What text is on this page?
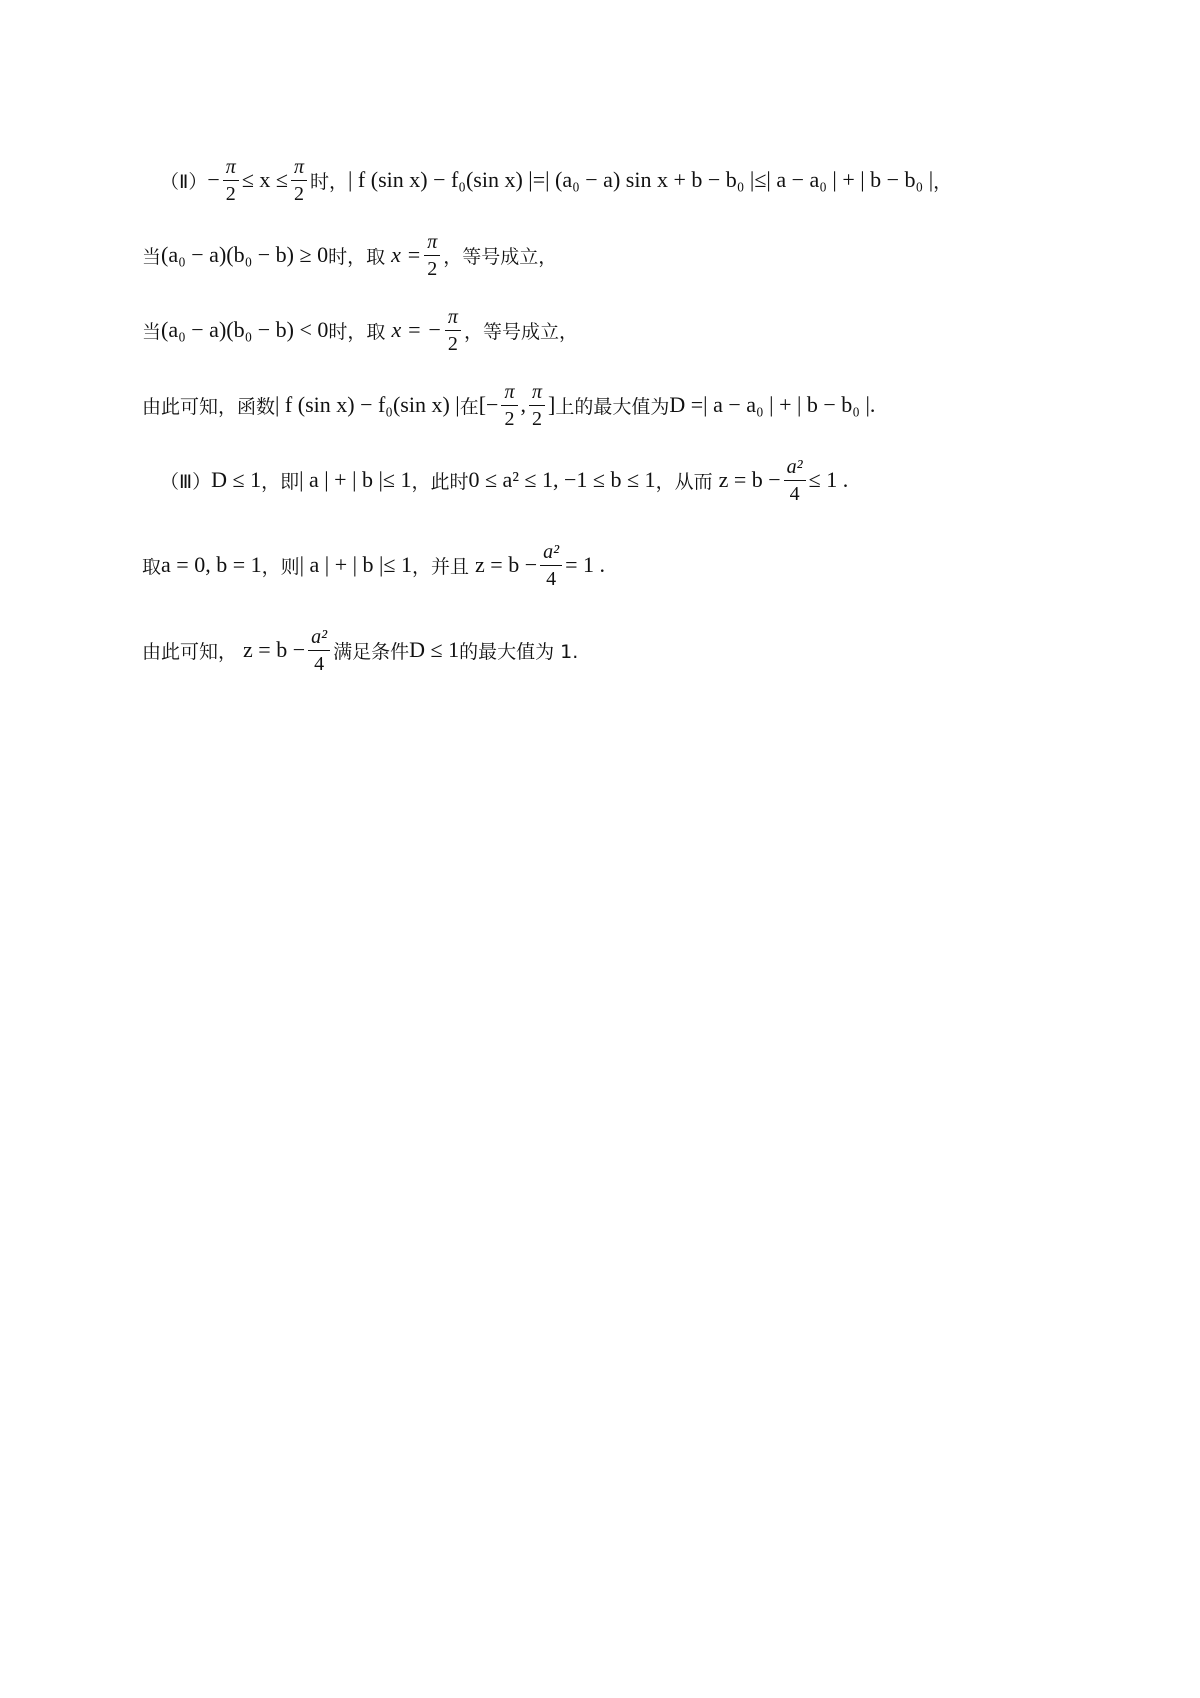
（Ⅱ） − $\frac{\pi}{2} \le x \le \frac{\pi}{2}$ 时， | f (sin x) − f₀(sin x) |=| (a₀ − a) sin x + b − b₀ |≤| a − a₀ | + | b − b₀ | ，
当 (a₀ − a)(b₀ − b) ≥ 0 时，取 $x = \frac{\pi}{2}$ ，等号成立，
当 (a₀ − a)(b₀ − b) < 0 时，取 x = − $\frac{\pi}{2}$ ，等号成立，
由此可知，函数 | f (sin x) − f₀(sin x) | 在 [− $\frac{\pi}{2}$ , $\frac{\pi}{2}$ ] 上的最大值为 D =| a − a₀ | + | b − b₀ |.
（Ⅲ） D ≤ 1 ，即 | a | + | b |≤ 1 ，此时 0 ≤ a² ≤ 1, −1 ≤ b ≤ 1 ，从而 $z = b - \frac{\text{a²}}{4} \le 1$ .
取 a = 0, b = 1 ，则 | a | + | b |≤ 1 ，并且 $z = b - \frac{\text{a²}}{4} = 1$ .
由此可知， $z = b - \frac{\text{a²}}{4}$ 满足条件 D ≤ 1 的最大值为 1.
